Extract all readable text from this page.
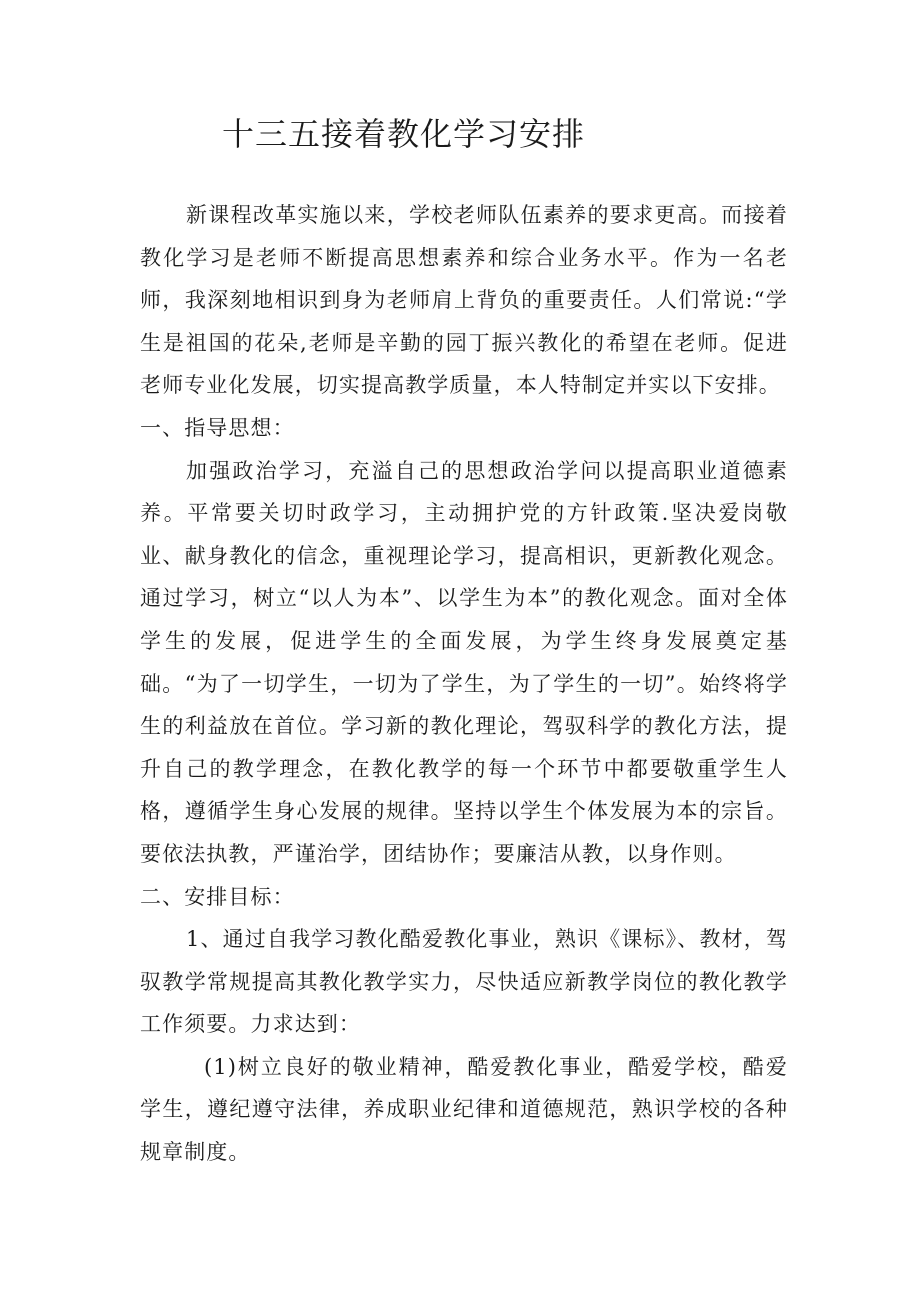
十三五接着教化学习安排

新课程改革实施以来，学校老师队伍素养的要求更高。而接着教化学习是老师不断提高思想素养和综合业务水平。作为一名老师，我深刻地相识到身为老师肩上背负的重要责任。人们常说:“学生是祖国的花朵,老师是辛勤的园丁振兴教化的希望在老师。促进老师专业化发展，切实提高教学质量，本人特制定并实以下安排。

一、指导思想：

加强政治学习，充溢自己的思想政治学问以提高职业道德素养。平常要关切时政学习，主动拥护党的方针政策.坚决爱岗敬业、献身教化的信念，重视理论学习，提高相识，更新教化观念。通过学习，树立“以人为本”、以学生为本”的教化观念。面对全体学生的发展，促进学生的全面发展，为学生终身发展奠定基础。“为了一切学生，一切为了学生，为了学生的一切”。始终将学生的利益放在首位。学习新的教化理论，驾驭科学的教化方法，提升自己的教学理念，在教化教学的每一个环节中都要敬重学生人格，遵循学生身心发展的规律。坚持以学生个体发展为本的宗旨。要依法执教，严谨治学，团结协作；要廉洁从教，以身作则。

二、安排目标：

1、通过自我学习教化酷爱教化事业，熟识《课标》、教材，驾驭教学常规提高其教化教学实力，尽快适应新教学岗位的教化教学工作须要。力求达到：

(1)树立良好的敬业精神，酷爱教化事业，酷爱学校，酷爱学生，遵纪遵守法律，养成职业纪律和道德规范，熟识学校的各种规章制度。
